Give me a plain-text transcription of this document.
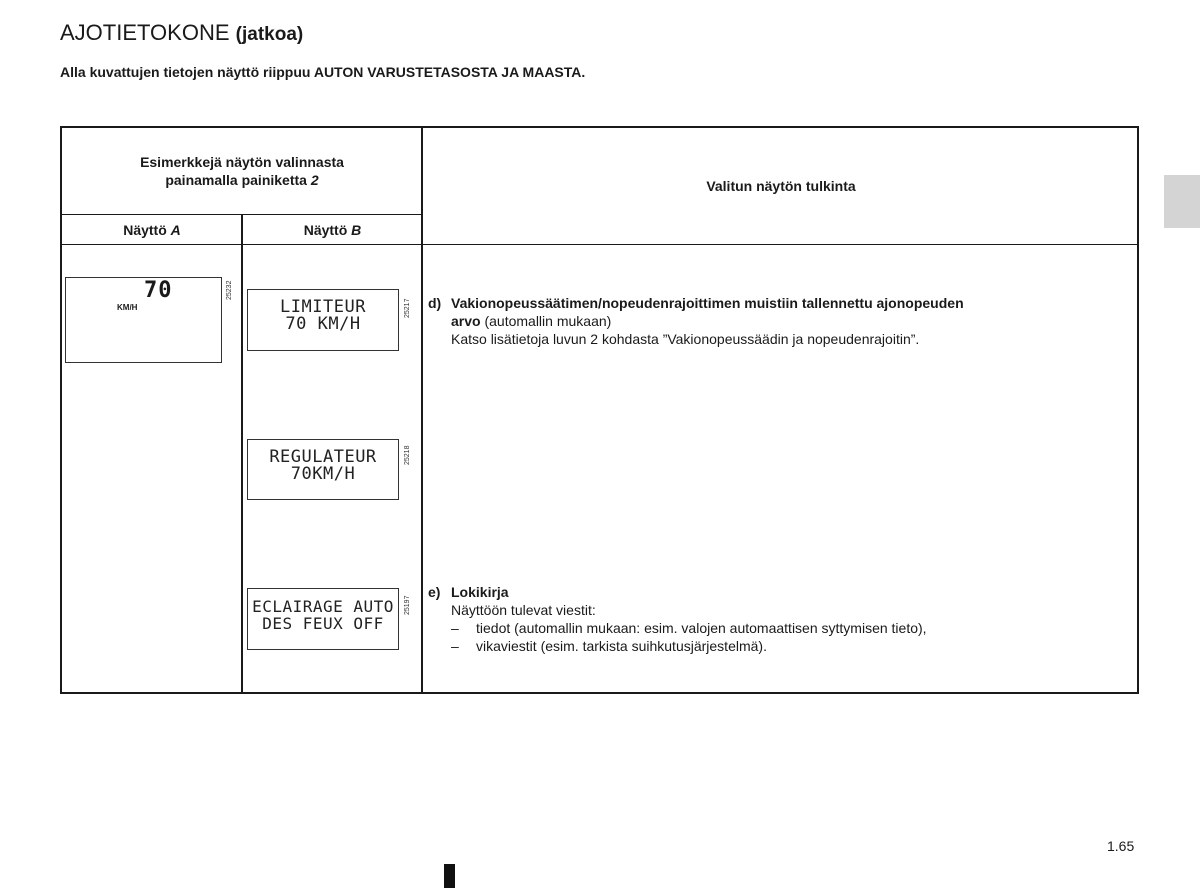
AJOTIETOKONE (jatkoa)

Alla kuvattujen tietojen näyttö riippuu AUTON VARUSTETASOSTA JA MAASTA.

Esimerkkejä näytön valinnasta
painamalla painiketta 2	Valitun näytön tulkinta
Näyttö
A	Näyttö
B
70
KM/H
25232
LIMITEUR
70 KM/H
25217
REGULATEUR
70KM/H
25218
ECLAIRAGE AUTO
DES FEUX OFF
25197
d) Vakionopeussäätimen/nopeudenrajoittimen muistiin tallennettu ajonopeuden
arvo (automallin mukaan)
Katso lisätietoja luvun 2 kohdasta ”Vakionopeussäädin ja nopeudenrajoitin”.
e) Lokikirja
Näyttöön tulevat viestit:
– tiedot (automallin mukaan: esim. valojen automaattisen syttymisen tieto),
– vikaviestit (esim. tarkista suihkutusjärjestelmä).
1.65
